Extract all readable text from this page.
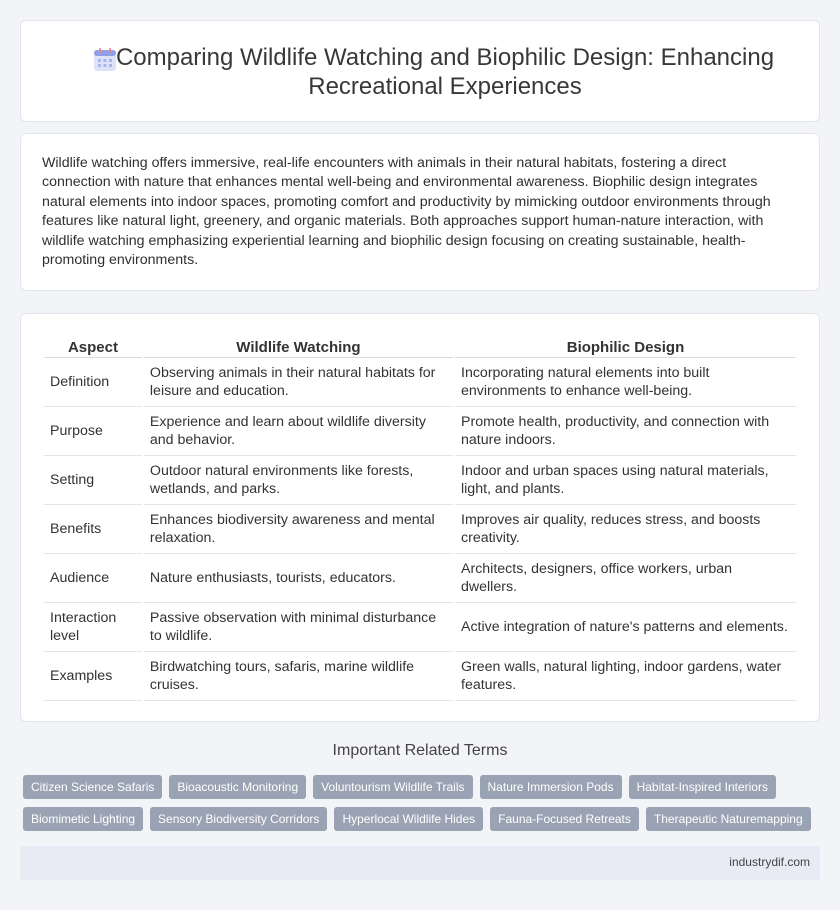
Comparing Wildlife Watching and Biophilic Design: Enhancing Recreational Experiences

Wildlife watching offers immersive, real-life encounters with animals in their natural habitats, fostering a direct connection with nature that enhances mental well-being and environmental awareness. Biophilic design integrates natural elements into indoor spaces, promoting comfort and productivity by mimicking outdoor environments through features like natural light, greenery, and organic materials. Both approaches support human-nature interaction, with wildlife watching emphasizing experiential learning and biophilic design focusing on creating sustainable, health-promoting environments.

Aspect	Wildlife Watching	Biophilic Design
Definition	Observing animals in their natural habitats for leisure and education.	Incorporating natural elements into built environments to enhance well-being.
Purpose	Experience and learn about wildlife diversity and behavior.	Promote health, productivity, and connection with nature indoors.
Setting	Outdoor natural environments like forests, wetlands, and parks.	Indoor and urban spaces using natural materials, light, and plants.
Benefits	Enhances biodiversity awareness and mental relaxation.	Improves air quality, reduces stress, and boosts creativity.
Audience	Nature enthusiasts, tourists, educators.	Architects, designers, office workers, urban dwellers.
Interaction level	Passive observation with minimal disturbance to wildlife.	Active integration of nature's patterns and elements.
Examples	Birdwatching tours, safaris, marine wildlife cruises.	Green walls, natural lighting, indoor gardens, water features.
Important Related Terms
Citizen Science Safaris	Bioacoustic Monitoring	Voluntourism Wildlife Trails	Nature Immersion Pods	Habitat-Inspired Interiors
Biomimetic Lighting	Sensory Biodiversity Corridors	Hyperlocal Wildlife Hides	Fauna-Focused Retreats	Therapeutic Naturemapping
industrydif.com
